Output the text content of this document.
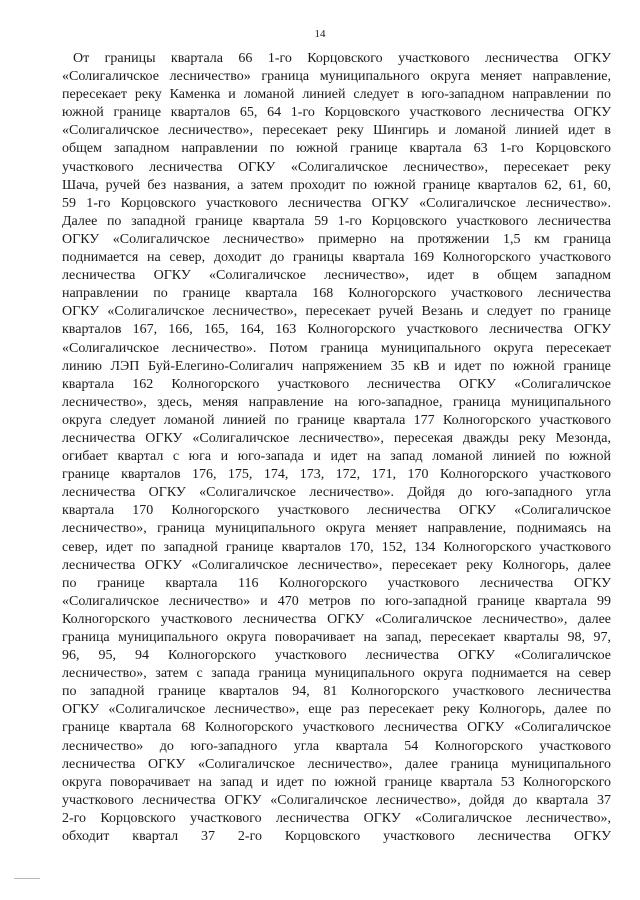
14
От границы квартала 66 1-го Корцовского участкового лесничества ОГКУ
«Солигаличское лесничество» граница муниципального округа меняет направление,
пересекает реку Каменка и ломаной линией следует в юго-западном направлении по
южной границе кварталов 65, 64 1-го Корцовского участкового лесничества ОГКУ
«Солигаличское лесничество», пересекает реку Шингирь и ломаной линией идет в
общем западном направлении по южной границе квартала 63 1-го Корцовского
участкового лесничества ОГКУ «Солигаличское лесничество», пересекает реку
Шача, ручей без названия, а затем проходит по южной границе кварталов 62, 61, 60,
59 1-го Корцовского участкового лесничества ОГКУ «Солигаличское лесничество».
Далее по западной границе квартала 59 1-го Корцовского участкового лесничества
ОГКУ «Солигаличское лесничество» примерно на протяжении 1,5 км граница
поднимается на север, доходит до границы квартала 169 Колногорского участкового
лесничества ОГКУ «Солигаличское лесничество», идет в общем западном
направлении по границе квартала 168 Колногорского участкового лесничества
ОГКУ «Солигаличское лесничество», пересекает ручей Везань и следует по границе
кварталов 167, 166, 165, 164, 163 Колногорского участкового лесничества ОГКУ
«Солигаличское лесничество». Потом граница муниципального округа пересекает
линию ЛЭП Буй-Елегино-Солигалич напряжением 35 кВ и идет по южной границе
квартала 162 Колногорского участкового лесничества ОГКУ «Солигаличское
лесничество», здесь, меняя направление на юго-западное, граница муниципального
округа следует ломаной линией по границе квартала 177 Колногорского участкового
лесничества ОГКУ «Солигаличское лесничество», пересекая дважды реку Мезонда,
огибает квартал с юга и юго-запада и идет на запад ломаной линией по южной
границе кварталов 176, 175, 174, 173, 172, 171, 170 Колногорского участкового
лесничества ОГКУ «Солигаличское лесничество». Дойдя до юго-западного угла
квартала 170 Колногорского участкового лесничества ОГКУ «Солигаличское
лесничество», граница муниципального округа меняет направление, поднимаясь на
север, идет по западной границе кварталов 170, 152, 134 Колногорского участкового
лесничества ОГКУ «Солигаличское лесничество», пересекает реку Колногорь, далее
по границе квартала 116 Колногорского участкового лесничества ОГКУ
«Солигаличское лесничество» и 470 метров по юго-западной границе квартала 99
Колногорского участкового лесничества ОГКУ «Солигаличское лесничество», далее
граница муниципального округа поворачивает на запад, пересекает кварталы 98, 97,
96, 95, 94 Колногорского участкового лесничества ОГКУ «Солигаличское
лесничество», затем с запада граница муниципального округа поднимается на север
по западной границе кварталов 94, 81 Колногорского участкового лесничества
ОГКУ «Солигаличское лесничество», еще раз пересекает реку Колногорь, далее по
границе квартала 68 Колногорского участкового лесничества ОГКУ «Солигаличское
лесничество» до юго-западного угла квартала 54 Колногорского участкового
лесничества ОГКУ «Солигаличское лесничество», далее граница муниципального
округа поворачивает на запад и идет по южной границе квартала 53 Колногорского
участкового лесничества ОГКУ «Солигаличское лесничество», дойдя до квартала 37
2-го Корцовского участкового лесничества ОГКУ «Солигаличское лесничество»,
обходит квартал 37 2-го Корцовского участкового лесничества ОГКУ
